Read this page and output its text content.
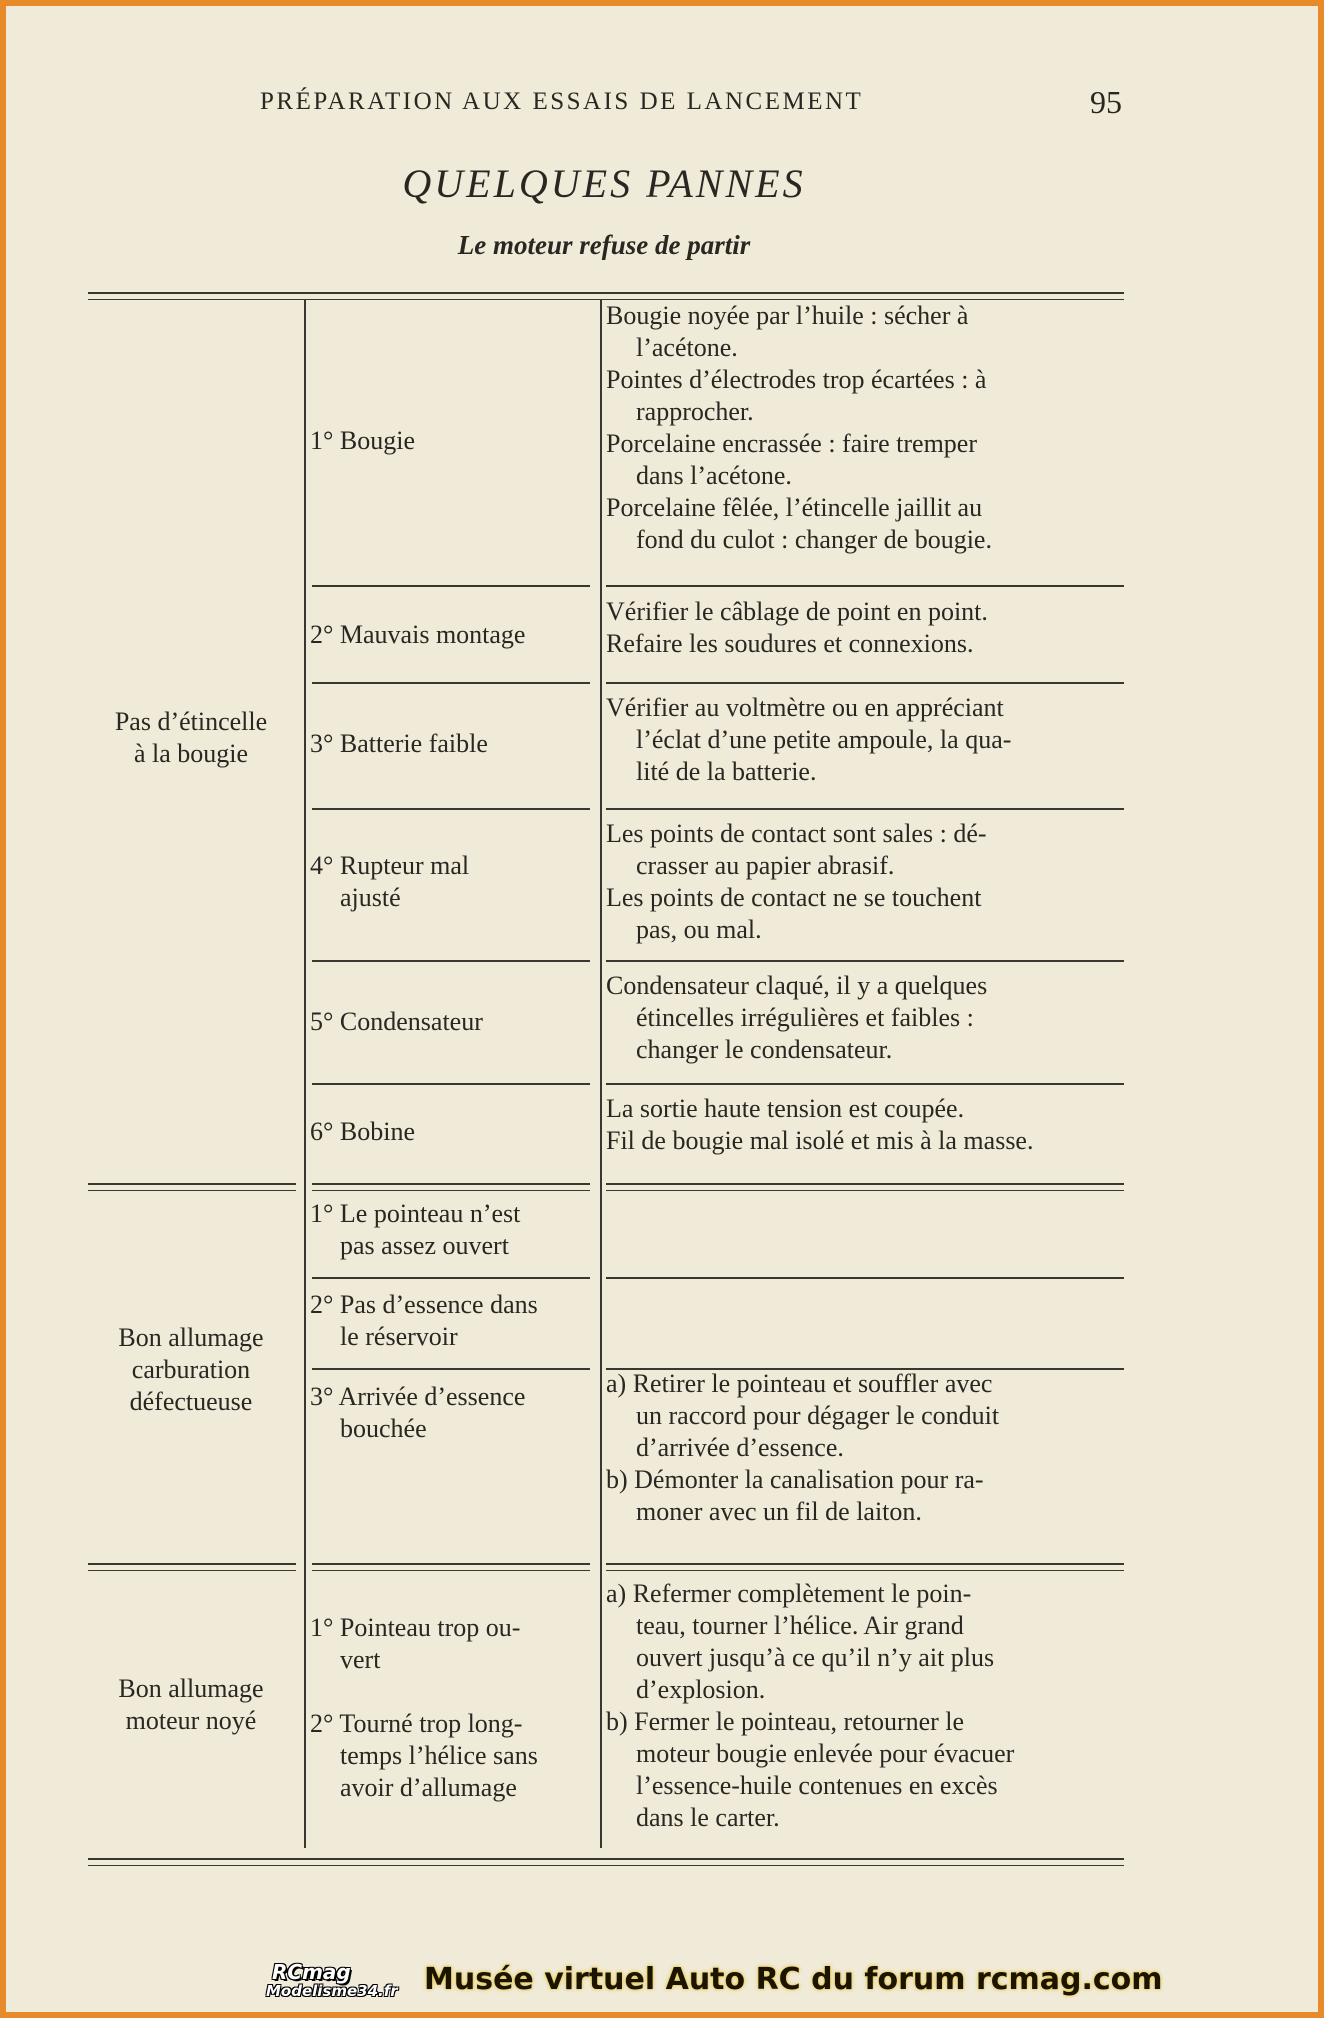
PRÉPARATION AUX ESSAIS DE LANCEMENT	95
QUELQUES PANNES
Le moteur refuse de partir
Pas d’étincelle
à la bougie
1° Bougie
Bougie noyée par l’huile : sécher à
l’acétone.
Pointes d’électrodes trop écartées : à
rapprocher.
Porcelaine encrassée : faire tremper
dans l’acétone.
Porcelaine fêlée, l’étincelle jaillit au
fond du culot : changer de bougie.
2° Mauvais montage
Vérifier le câblage de point en point.
Refaire les soudures et connexions.
3° Batterie faible
Vérifier au voltmètre ou en appréciant
l’éclat d’une petite ampoule, la qua-
lité de la batterie.
4° Rupteur mal
ajusté
Les points de contact sont sales : dé-
crasser au papier abrasif.
Les points de contact ne se touchent
pas, ou mal.
5° Condensateur
Condensateur claqué, il y a quelques
étincelles irrégulières et faibles :
changer le condensateur.
6° Bobine
La sortie haute tension est coupée.
Fil de bougie mal isolé et mis à la masse.
Bon allumage
carburation
défectueuse
1° Le pointeau n’est
pas assez ouvert
2° Pas d’essence dans
le réservoir
3° Arrivée d’essence
bouchée
a) Retirer le pointeau et souffler avec
un raccord pour dégager le conduit
d’arrivée d’essence.
b) Démonter la canalisation pour ra-
moner avec un fil de laiton.
Bon allumage
moteur noyé
1° Pointeau trop ou-
vert

2° Tourné trop long-
temps l’hélice sans
avoir d’allumage
a) Refermer complètement le poin-
teau, tourner l’hélice. Air grand
ouvert jusqu’à ce qu’il n’y ait plus
d’explosion.
b) Fermer le pointeau, retourner le
moteur bougie enlevée pour évacuer
l’essence-huile contenues en excès
dans le carter.
RCmag
Modelisme34.fr Musée virtuel Auto RC du forum rcmag.com
